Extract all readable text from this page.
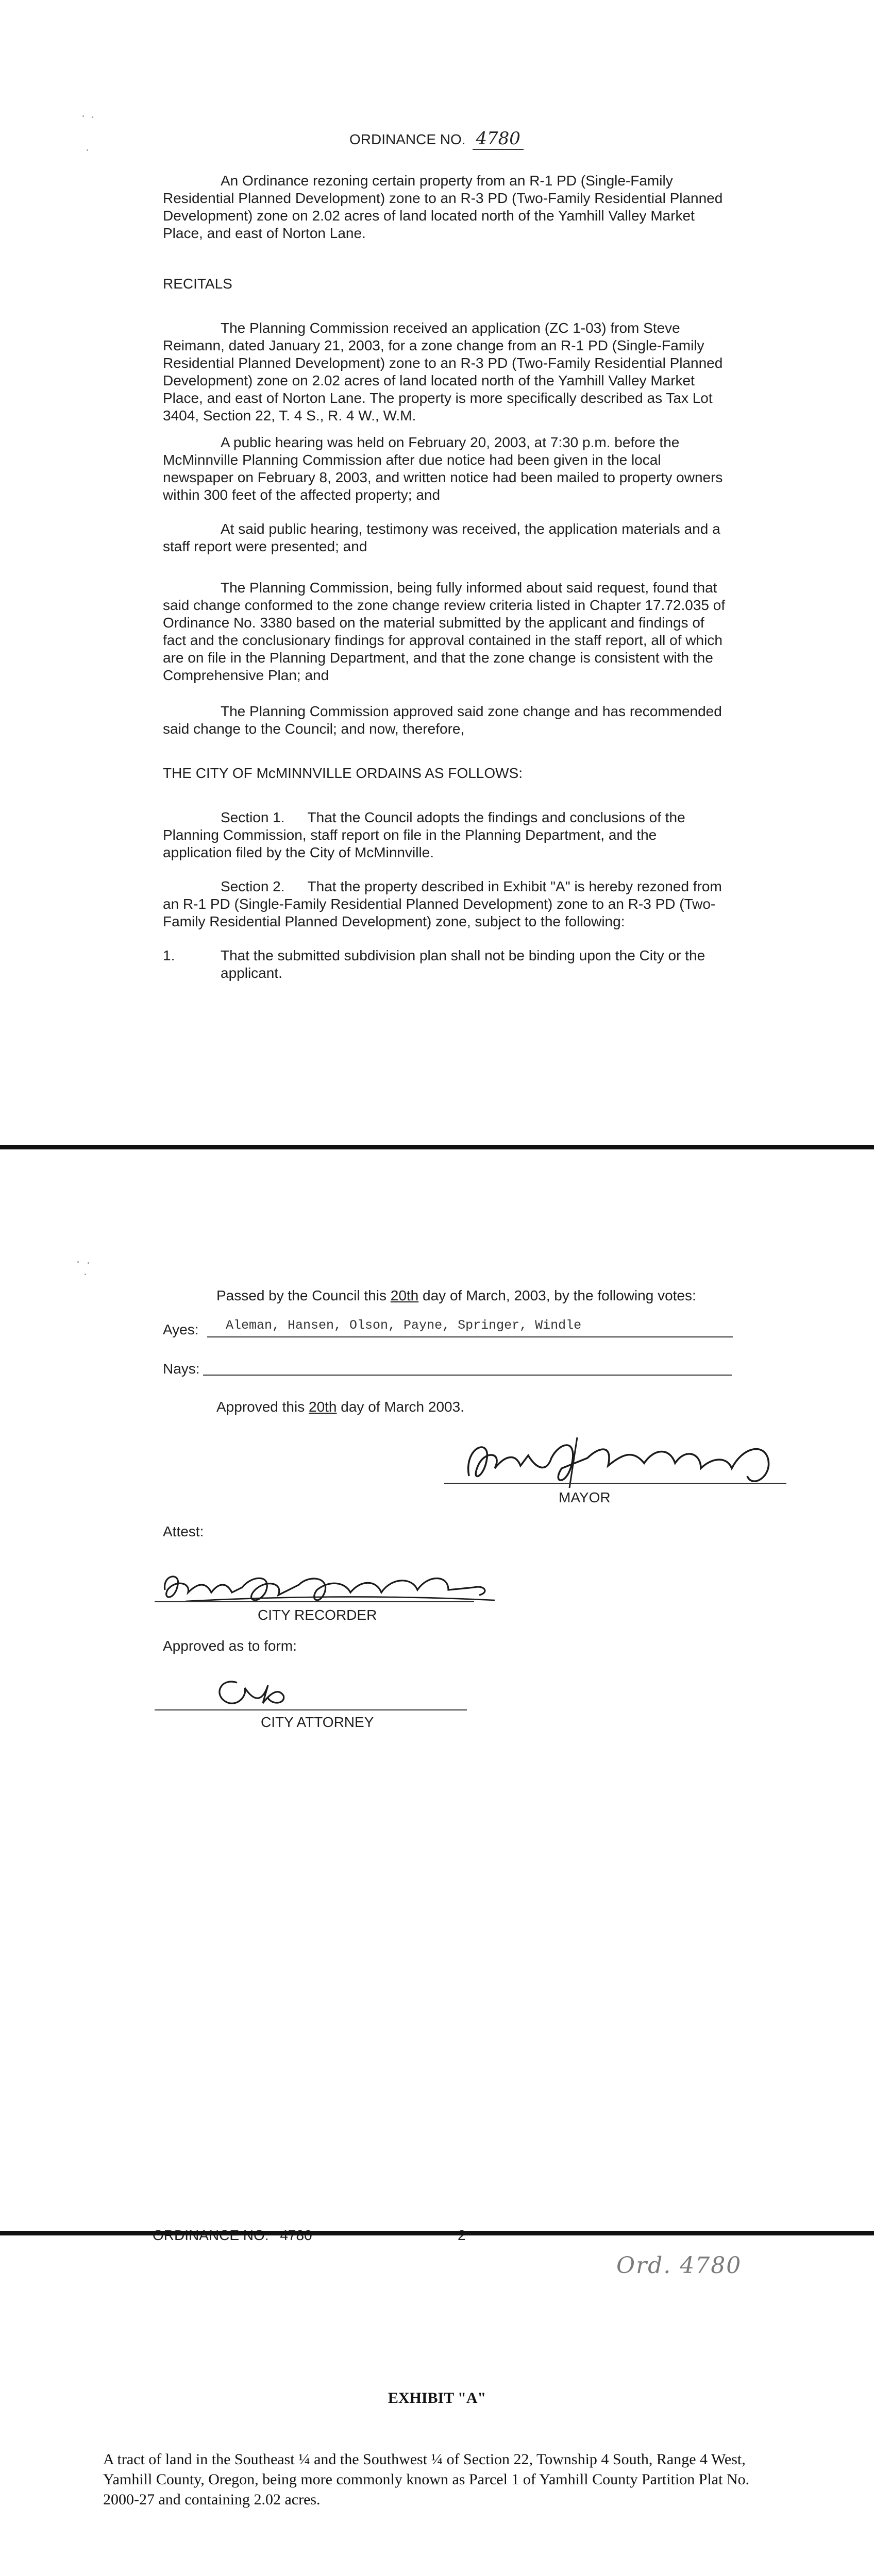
ORDINANCE NO. 4780
An Ordinance rezoning certain property from an R-1 PD (Single-Family Residential Planned Development) zone to an R-3 PD (Two-Family Residential Planned Development) zone on 2.02 acres of land located north of the Yamhill Valley Market Place, and east of Norton Lane.
RECITALS
The Planning Commission received an application (ZC 1-03) from Steve Reimann, dated January 21, 2003, for a zone change from an R-1 PD (Single-Family Residential Planned Development) zone to an R-3 PD (Two-Family Residential Planned Development) zone on 2.02 acres of land located north of the Yamhill Valley Market Place, and east of Norton Lane. The property is more specifically described as Tax Lot 3404, Section 22, T. 4 S., R. 4 W., W.M.
A public hearing was held on February 20, 2003, at 7:30 p.m. before the McMinnville Planning Commission after due notice had been given in the local newspaper on February 8, 2003, and written notice had been mailed to property owners within 300 feet of the affected property; and
At said public hearing, testimony was received, the application materials and a staff report were presented; and
The Planning Commission, being fully informed about said request, found that said change conformed to the zone change review criteria listed in Chapter 17.72.035 of Ordinance No. 3380 based on the material submitted by the applicant and findings of fact and the conclusionary findings for approval contained in the staff report, all of which are on file in the Planning Department, and that the zone change is consistent with the Comprehensive Plan; and
The Planning Commission approved said zone change and has recommended said change to the Council; and now, therefore,
THE CITY OF McMINNVILLE ORDAINS AS FOLLOWS:
Section 1. That the Council adopts the findings and conclusions of the Planning Commission, staff report on file in the Planning Department, and the application filed by the City of McMinnville.
Section 2. That the property described in Exhibit "A" is hereby rezoned from an R-1 PD (Single-Family Residential Planned Development) zone to an R-3 PD (Two-Family Residential Planned Development) zone, subject to the following:
1.	That the submitted subdivision plan shall not be binding upon the City or the applicant.
Passed by the Council this 20th day of March, 2003, by the following votes:
Ayes: Aleman, Hansen, Olson, Payne, Springer, Windle
Nays:
Approved this 20th day of March 2003.
MAYOR
Attest:
CITY RECORDER
Approved as to form:
CITY ATTORNEY
Ord. 4780
EXHIBIT "A"
A tract of land in the Southeast ¼ and the Southwest ¼ of Section 22, Township 4 South, Range 4 West, Yamhill County, Oregon, being more commonly known as Parcel 1 of Yamhill County Partition Plat No. 2000-27 and containing 2.02 acres.
